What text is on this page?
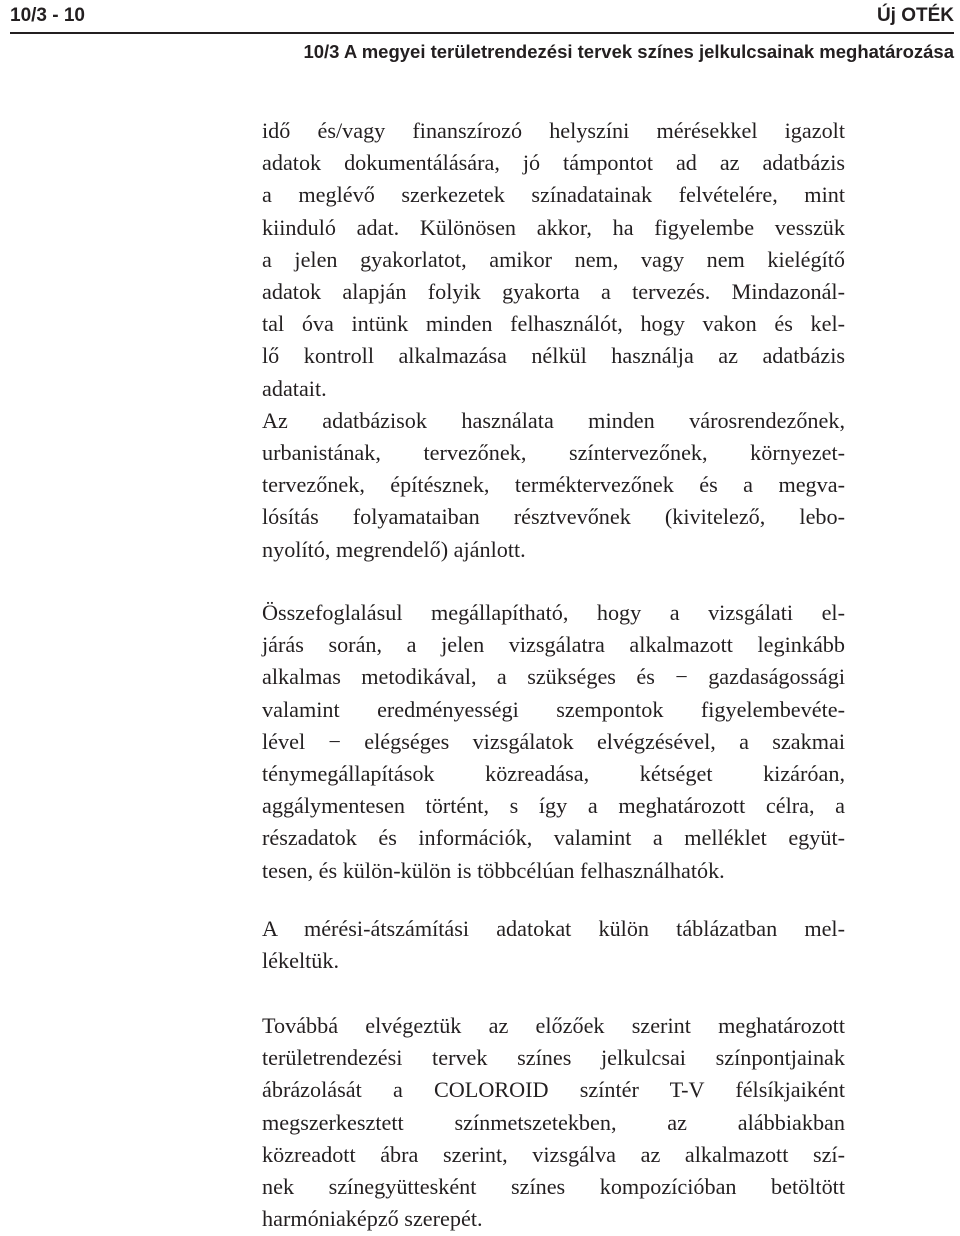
10/3 - 10	Új OTÉK
10/3 A megyei területrendezési tervek színes jelkulcsainak meghatározása
idő és/vagy finanszírozó helyszíni mérésekkel igazolt
adatok dokumentálására, jó támpontot ad az adatbázis
a meglévő szerkezetek színadatainak felvételére, mint
kiinduló adat. Különösen akkor, ha figyelembe vesszük
a jelen gyakorlatot, amikor nem, vagy nem kielégítő
adatok alapján folyik gyakorta a tervezés. Mindazonál-
tal óva intünk minden felhasználót, hogy vakon és kel-
lő kontroll alkalmazása nélkül használja az adatbázis
adatait.
Az adatbázisok használata minden városrendezőnek,
urbanistának, tervezőnek, színtervezőnek, környezet-
tervezőnek, építésznek, terméktervezőnek és a megva-
lósítás folyamataiban résztvevőnek (kivitelező, lebo-
nyolító, megrendelő) ajánlott.
Összefoglalásul megállapítható, hogy a vizsgálati el-
járás során, a jelen vizsgálatra alkalmazott leginkább
alkalmas metodikával, a szükséges és − gazdaságossági
valamint eredményességi szempontok figyelembevéte-
lével − elégséges vizsgálatok elvégzésével, a szakmai
ténymegállapítások közreadása, kétséget kizáróan,
aggálymentesen történt, s így a meghatározott célra, a
részadatok és információk, valamint a melléklet együt-
tesen, és külön-külön is többcélúan felhasználhatók.
A mérési-átszámítási adatokat külön táblázatban mel-
lékeltük.
Továbbá elvégeztük az előzőek szerint meghatározott
területrendezési tervek színes jelkulcsai színpontjainak
ábrázolását a COLOROID színtér T-V félsíkjaiként
megszerkesztett színmetszetekben, az alábbiakban
közreadott ábra szerint, vizsgálva az alkalmazott szí-
nek színegyüttesként színes kompozícióban betöltött
harmóniaképző szerepét.
